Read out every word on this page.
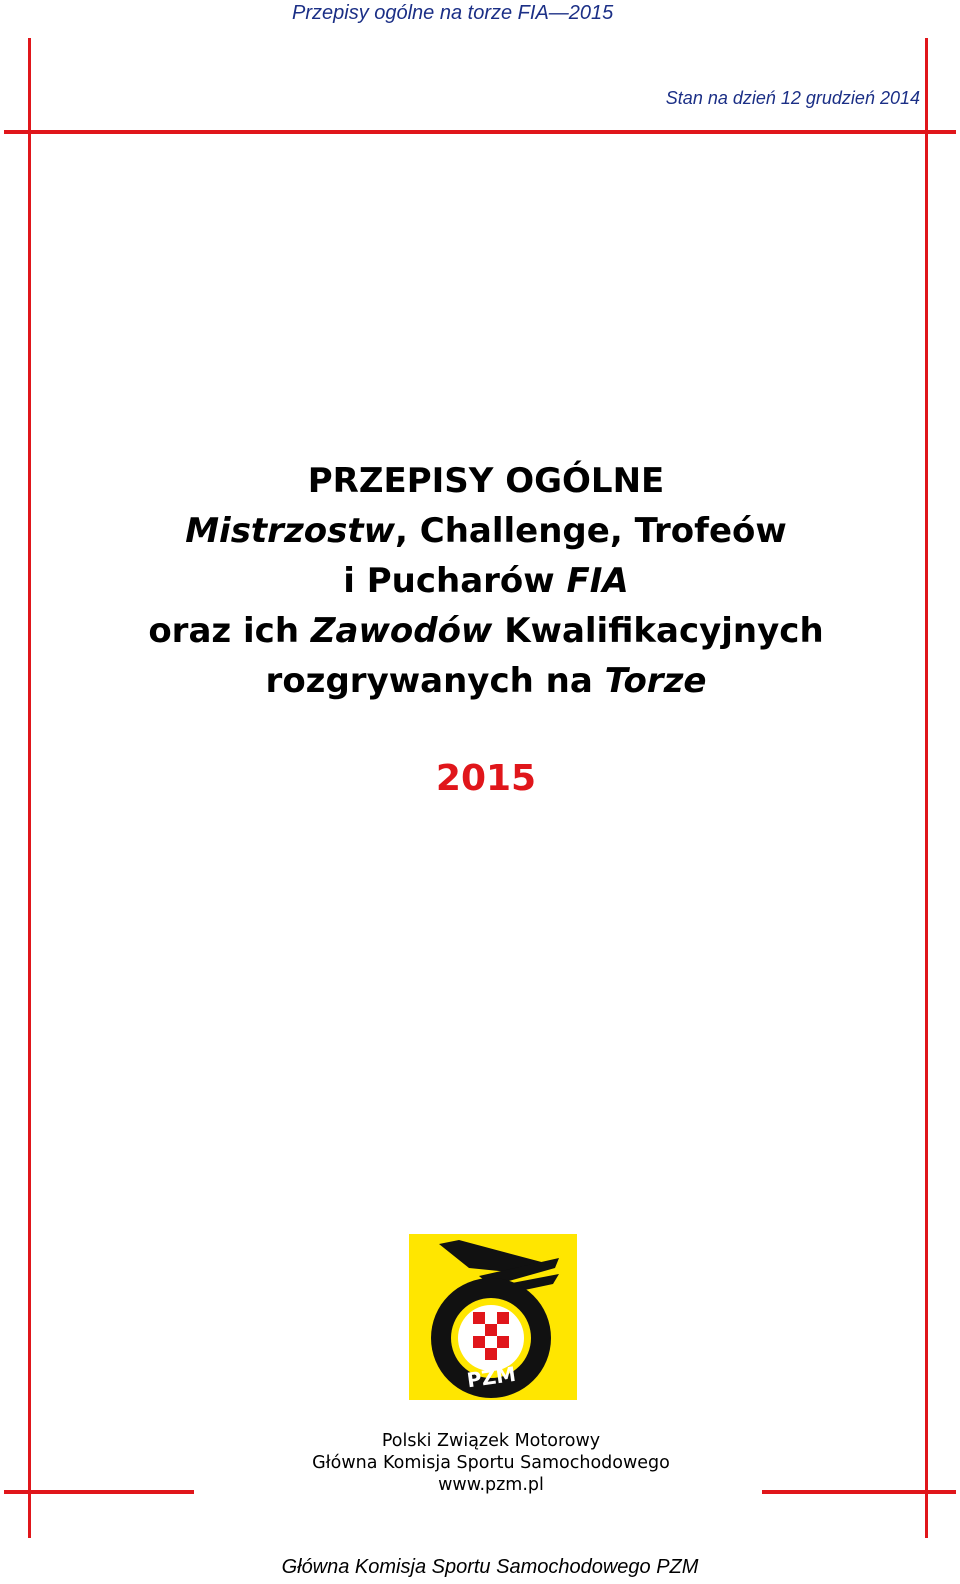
Przepisy ogólne na torze FIA—2015
Stan na dzień 12 grudzień 2014
PRZEPISY OGÓLNE
Mistrzostw, Challenge, Trofeów
i Pucharów FIA
oraz ich Zawodów Kwalifikacyjnych
rozgrywanych na Torze
2015
PZM
Polski Związek Motorowy
Główna Komisja Sportu Samochodowego
www.pzm.pl
Główna Komisja Sportu Samochodowego PZM
